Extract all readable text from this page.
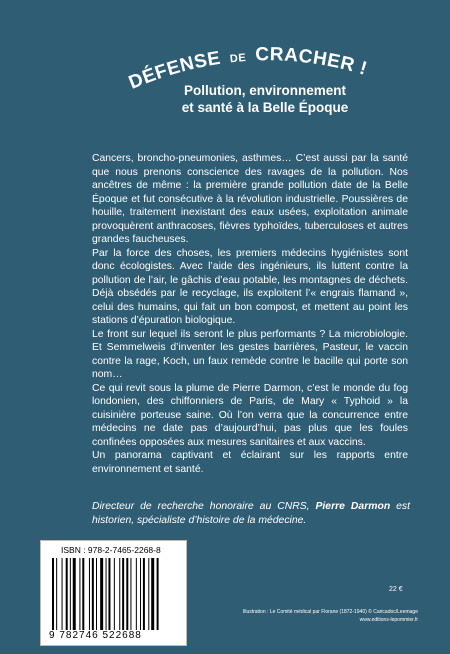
DÉFENSE DE CRACHER !
Pollution, environnement
et santé à la Belle Époque

Cancers, broncho-pneumonies, asthmes… C’est aussi par la santé que nous prenons conscience des ravages de la pollution. Nos ancêtres de même : la première grande pollution date de la Belle Époque et fut consécutive à la révolution industrielle. Poussières de houille, traitement inexistant des eaux usées, exploitation animale provoquèrent anthracoses, fièvres typhoïdes, tuberculoses et autres grandes faucheuses.

Par la force des choses, les premiers médecins hygiénistes sont donc écologistes. Avec l’aide des ingénieurs, ils luttent contre la pollution de l’air, le gâchis d’eau potable, les montagnes de déchets. Déjà obsédés par le recyclage, ils exploitent l’« engrais flamand », celui des humains, qui fait un bon compost, et mettent au point les stations d’épuration biologique.

Le front sur lequel ils seront le plus performants ? La microbiologie. Et Semmelweis d’inventer les gestes barrières, Pasteur, le vaccin contre la rage, Koch, un faux remède contre le bacille qui porte son nom…

Ce qui revit sous la plume de Pierre Darmon, c’est le monde du fog londonien, des chiffonniers de Paris, de Mary « Typhoid » la cuisinière porteuse saine. Où l’on verra que la concurrence entre médecins ne date pas d’aujourd’hui, pas plus que les foules confinées opposées aux mesures sanitaires et aux vaccins.

Un panorama captivant et éclairant sur les rapports entre environnement et santé.

Directeur de recherche honoraire au CNRS, Pierre Darmon est historien, spécialiste d’histoire de la médecine.
ISBN : 978-2-7465-2268-8
9 782746 522688
22 €
Illustration : Le Comité médical par Florane (1872-1940) © Caricadoc/Leemage
www.editions-lepommier.fr
